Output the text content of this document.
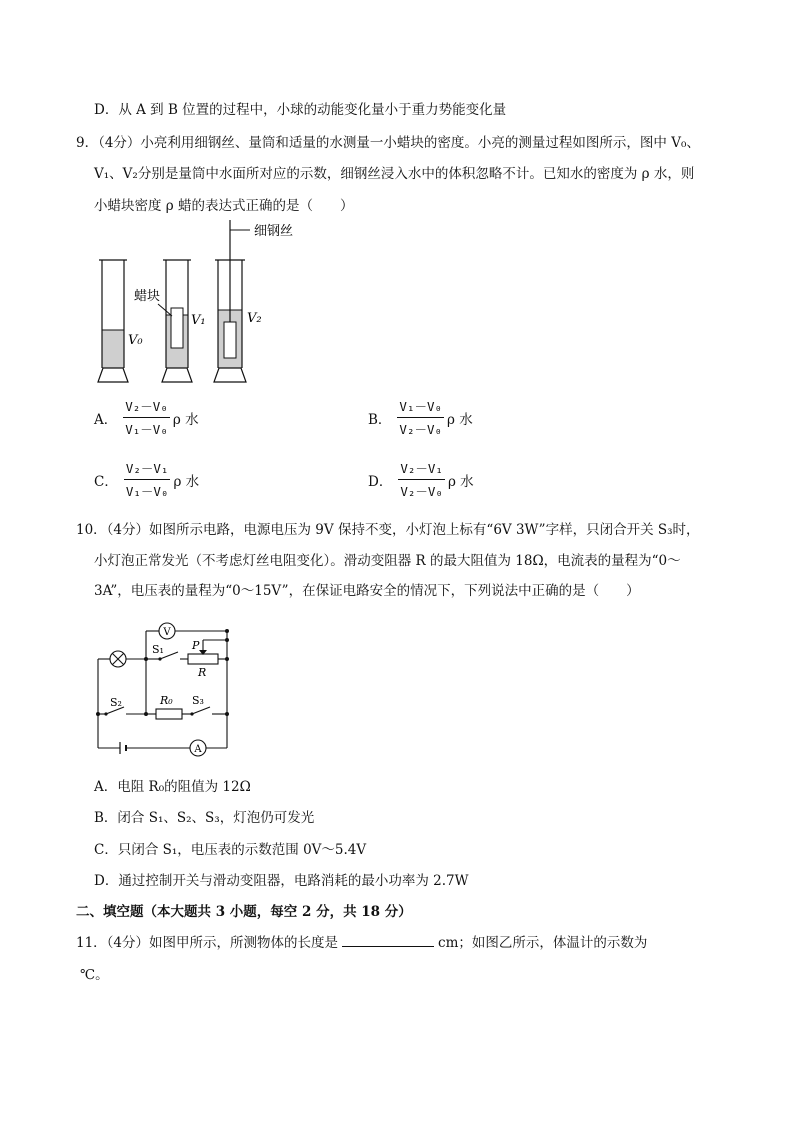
D．从 A 到 B 位置的过程中，小球的动能变化量小于重力势能变化量
9．（4分）小亮利用细钢丝、量筒和适量的水测量一小蜡块的密度。小亮的测量过程如图所示，图中 V₀、
V₁、V₂分别是量筒中水面所对应的示数，细钢丝浸入水中的体积忽略不计。已知水的密度为 ρ 水，则
小蜡块密度 ρ 蜡的表达式正确的是（　　）
V₀
蜡块
V₁
细钢丝
V₂
A． $\frac{\text{V₂－V₀}}{\text{V₁－V₀}}$ ρ 水	B． $\frac{\text{V₁－V₀}}{\text{V₂－V₀}}$ ρ 水
C． $\frac{\text{V₂－V₁}}{\text{V₁－V₀}}$ ρ 水	D． $\frac{\text{V₂－V₁}}{\text{V₂－V₀}}$ ρ 水
10．（4分）如图所示电路，电源电压为 9V 保持不变，小灯泡上标有“6V 3W”字样，只闭合开关 S₃时，
小灯泡正常发光（不考虑灯丝电阻变化）。滑动变阻器 R 的最大阻值为 18Ω，电流表的量程为“0～
3A”，电压表的量程为“0～15V”，在保证电路安全的情况下，下列说法中正确的是（　　）
V
A
S₁	P
R
S₂	R₀ S₃
A．电阻 R₀的阻值为 12Ω
B．闭合 S₁、S₂、S₃，灯泡仍可发光
C．只闭合 S₁，电压表的示数范围 0V～5.4V
D．通过控制开关与滑动变阻器，电路消耗的最小功率为 2.7W
二、填空题（本大题共 3 小题，每空 2 分，共 18 分）
11．（4分）如图甲所示，所测物体的长度是	cm；如图乙所示，体温计的示数为
℃。
